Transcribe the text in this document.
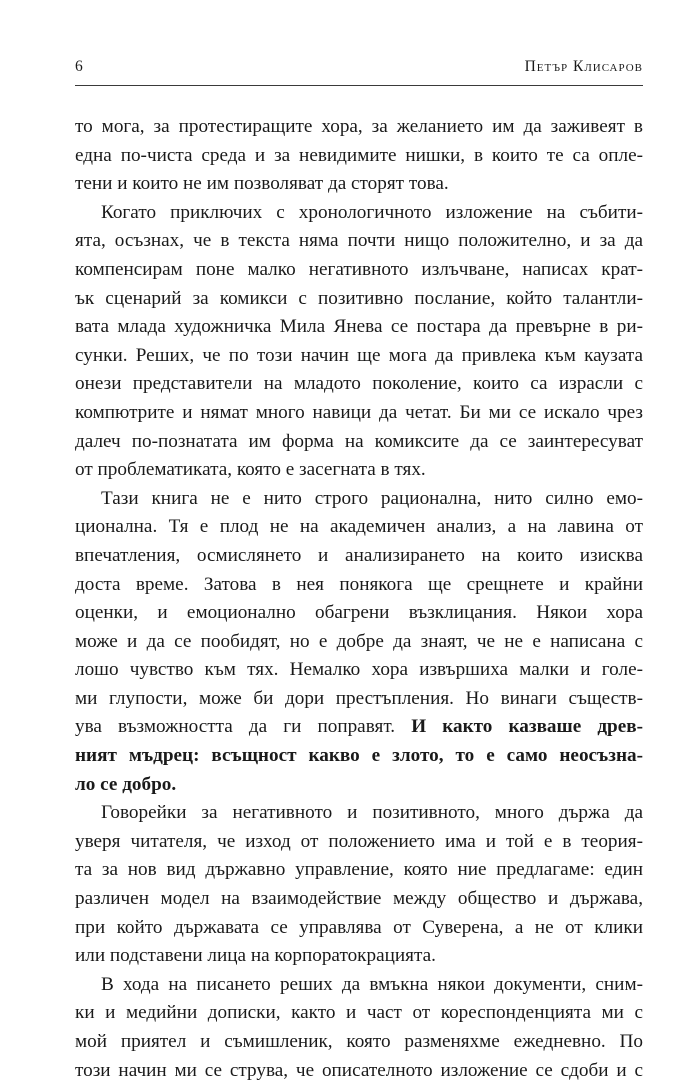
6	Петър Клисаров

то мога, за протестиращите хора, за желанието им да заживеят в
една по-чиста среда и за невидимите нишки, в които те са опле-
тени и които не им позволяват да сторят това.

Когато приключих с хронологичното изложение на събити-
ята, осъзнах, че в текста няма почти нищо положително, и за да
компенсирам поне малко негативното излъчване, написах крат-
ък сценарий за комикси с позитивно послание, който талантли-
вата млада художничка Мила Янева се постара да превърне в ри-
сунки. Реших, че по този начин ще мога да привлека към каузата
онези представители на младото поколение, които са израсли с
компютрите и нямат много навици да четат. Би ми се искало чрез
далеч по-познатата им форма на комиксите да се заинтересуват
от проблематиката, която е засегната в тях.

Тази книга не е нито строго рационална, нито силно емо-
ционална. Тя е плод не на академичен анализ, а на лавина от
впечатления, осмислянето и анализирането на които изисква
доста време. Затова в нея понякога ще срещнете и крайни
оценки, и емоционално обагрени възклицания. Някои хора
може и да се пообидят, но е добре да знаят, че не е написана с
лошо чувство към тях. Немалко хора извършиха малки и голе-
ми глупости, може би дори престъпления. Но винаги съществ-
ува възможността да ги поправят. И както казваше древ-
ният мъдрец: всъщност какво е злото, то е само неосъзна-
ло се добро.

Говорейки за негативното и позитивното, много държа да
уверя читателя, че изход от положението има и той е в теория-
та за нов вид държавно управление, която ние предлагаме: един
различен модел на взаимодействие между общество и държава,
при който държавата се управлява от Суверена, а не от клики
или подставени лица на корпоратокрацията.

В хода на писането реших да вмъкна някои документи, сним-
ки и медийни дописки, както и част от кореспонденцията ми с
мой приятел и съмишленик, която разменяхме ежедневно. По
този начин ми се струва, че описателното изложение се сдоби и с
